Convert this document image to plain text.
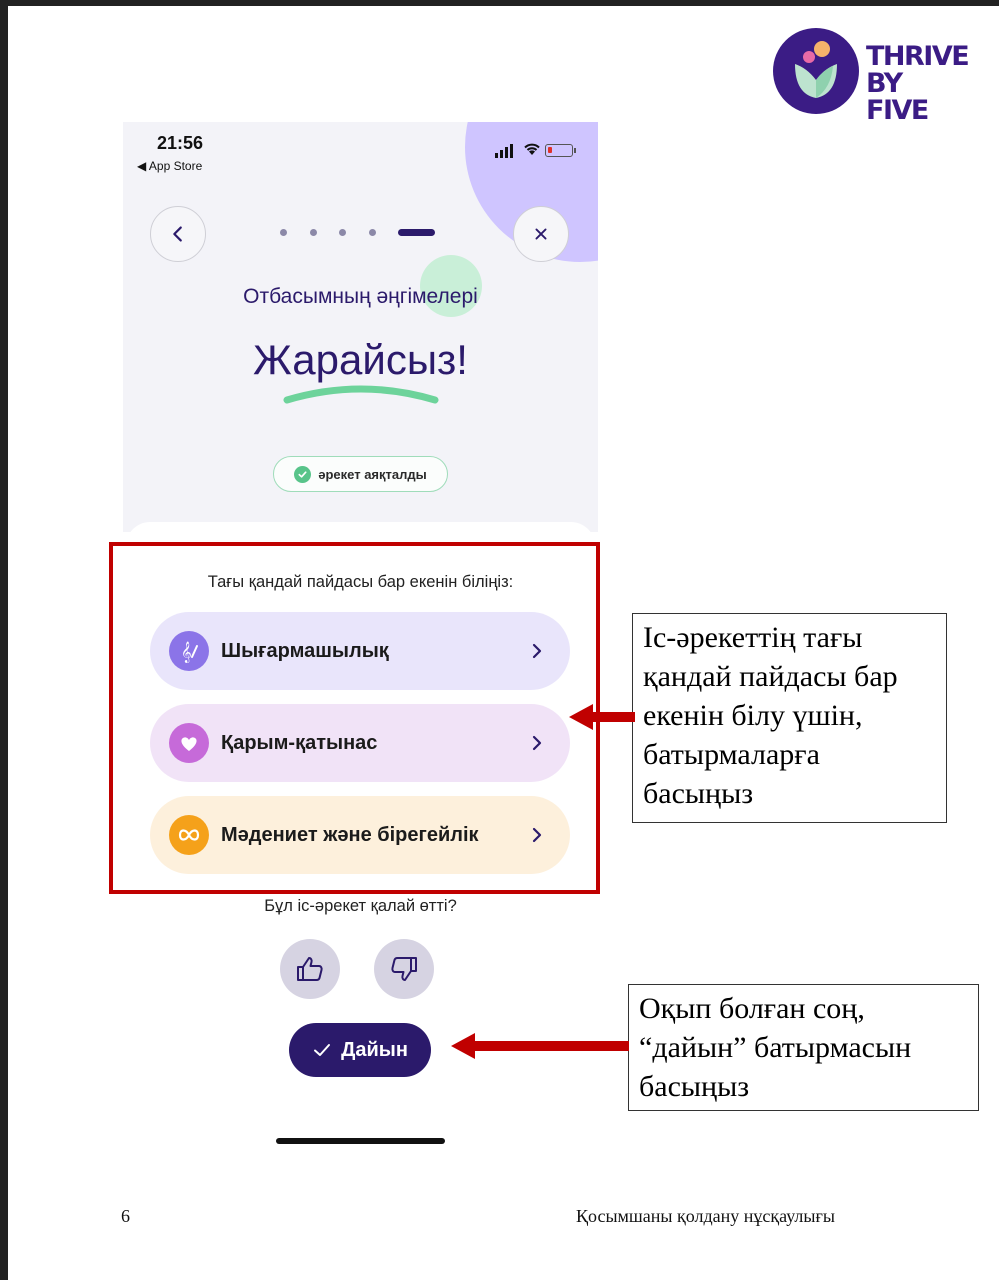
THRIVE
BY FIVE
21:56
◀ App Store
Отбасымның әңгімелері
Жарайсыз!
әрекет аяқталды
Тағы қандай пайдасы бар екенін біліңіз:
𝄞 Шығармашылық
Қарым-қатынас
Мәдениет және бірегейлік
Бұл іс-әрекет қалай өтті?
Дайын
Іс-әрекеттің тағы қандай пайдасы бар екенін білу үшін, батырмаларға басыңыз
Оқып болған соң, “дайын” батырмасын басыңыз
6	Қосымшаны қолдану нұсқаулығы
